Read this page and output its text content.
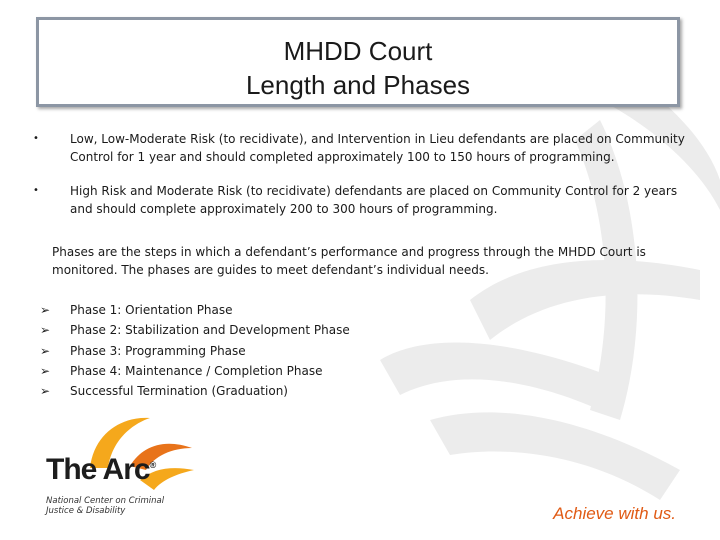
MHDD Court
Length and Phases
•	Low, Low-Moderate Risk (to recidivate), and Intervention in Lieu defendants are placed on Community Control for 1 year and should completed approximately 100 to 150 hours of programming.
•	High Risk and Moderate Risk (to recidivate) defendants are placed on Community Control for 2 years and should complete approximately 200 to 300 hours of programming.
Phases are the steps in which a defendant’s performance and progress through the MHDD Court is monitored. The phases are guides to meet defendant’s individual needs.
➢	Phase 1: Orientation Phase
➢	Phase 2: Stabilization and Development Phase
➢	Phase 3: Programming Phase
➢	Phase 4: Maintenance / Completion Phase
➢	Successful Termination (Graduation)
The Arc®
National Center on Criminal Justice & Disability	Achieve with us.
